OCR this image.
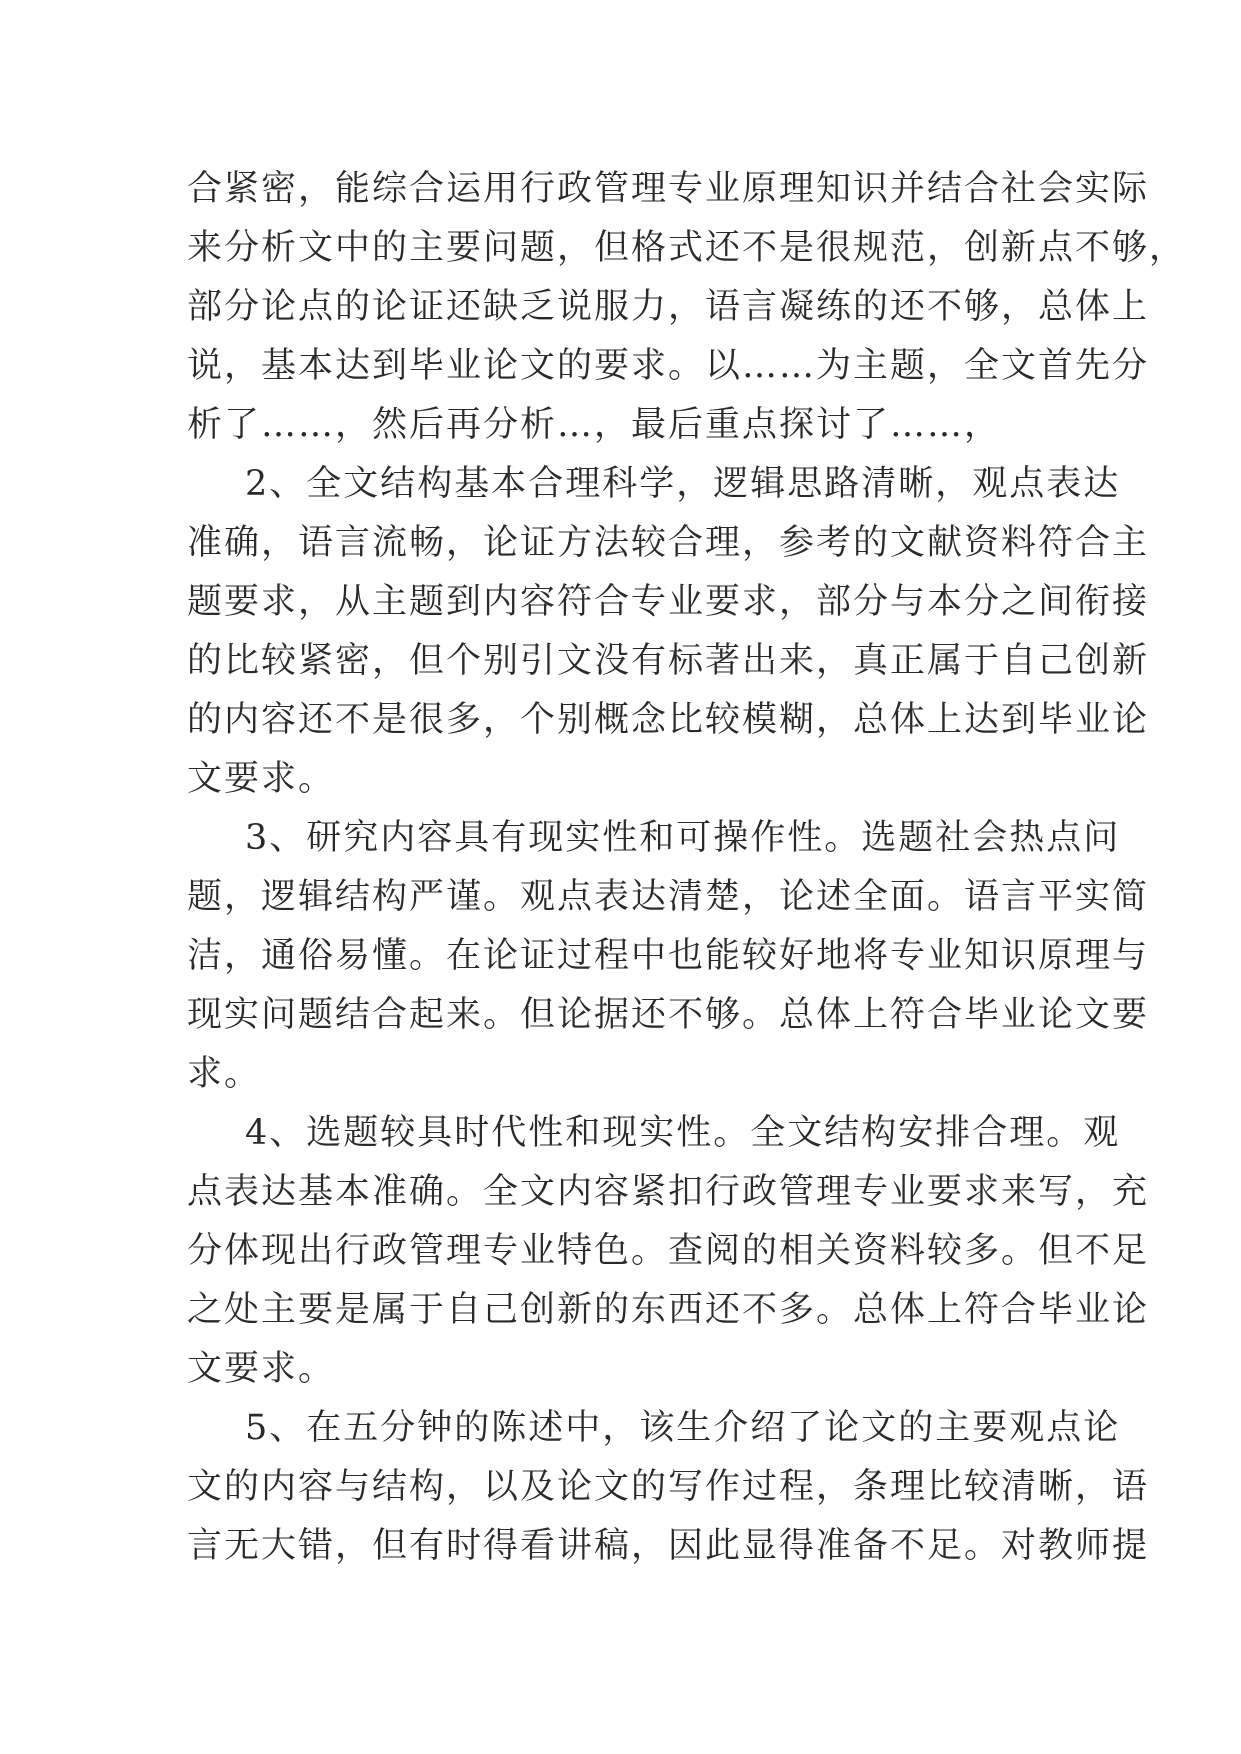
合紧密，能综合运用行政管理专业原理知识并结合社会实际
来分析文中的主要问题，但格式还不是很规范，创新点不够，
部分论点的论证还缺乏说服力，语言凝练的还不够，总体上
说，基本达到毕业论文的要求。以……为主题，全文首先分
析了……，然后再分析…，最后重点探讨了……，
2、全文结构基本合理科学，逻辑思路清晰，观点表达
准确，语言流畅，论证方法较合理，参考的文献资料符合主
题要求，从主题到内容符合专业要求，部分与本分之间衔接
的比较紧密，但个别引文没有标著出来，真正属于自己创新
的内容还不是很多，个别概念比较模糊，总体上达到毕业论
文要求。
3、研究内容具有现实性和可操作性。选题社会热点问
题，逻辑结构严谨。观点表达清楚，论述全面。语言平实简
洁，通俗易懂。在论证过程中也能较好地将专业知识原理与
现实问题结合起来。但论据还不够。总体上符合毕业论文要
求。
4、选题较具时代性和现实性。全文结构安排合理。观
点表达基本准确。全文内容紧扣行政管理专业要求来写，充
分体现出行政管理专业特色。查阅的相关资料较多。但不足
之处主要是属于自己创新的东西还不多。总体上符合毕业论
文要求。
5、在五分钟的陈述中，该生介绍了论文的主要观点论
文的内容与结构，以及论文的写作过程，条理比较清晰，语
言无大错，但有时得看讲稿，因此显得准备不足。对教师提
